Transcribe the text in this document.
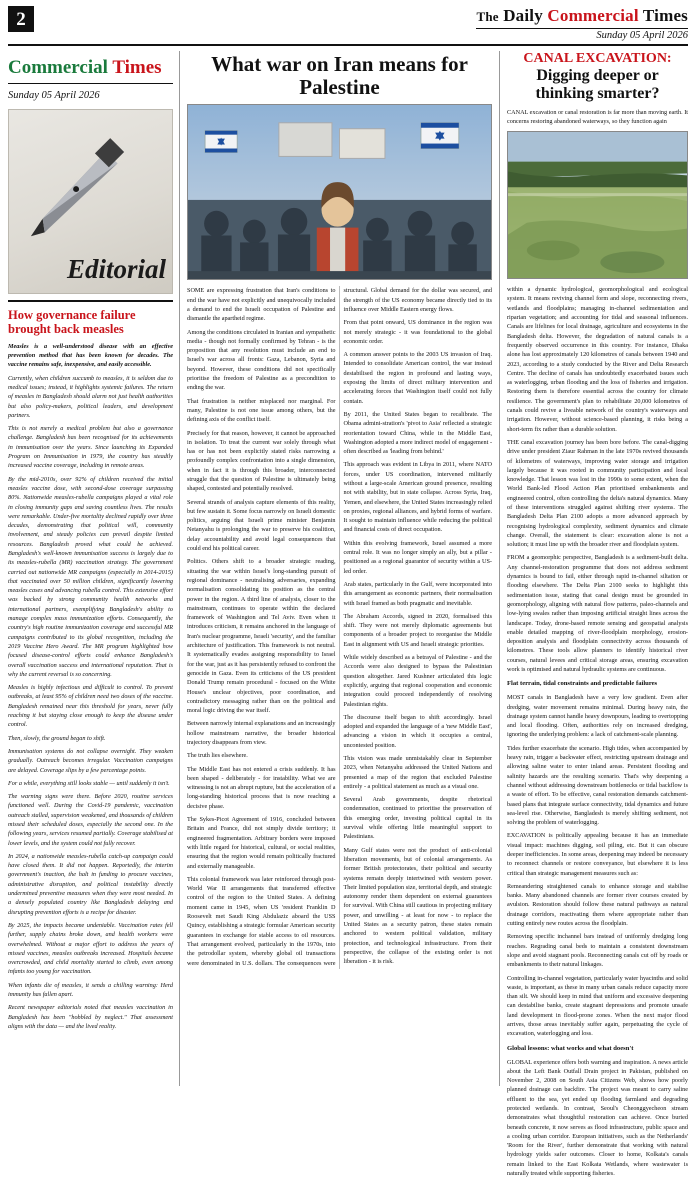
2	The Daily Commercial Times
Sunday 05 April 2026
Commercial Times
Sunday 05 April 2026
Editorial
How governance failure brought back measles

Measles is a well-understood disease with an effective prevention method that has been known for decades. The vaccine remains safe, inexpensive, and easily accessible.

Currently, when children succumb to measles, it is seldom due to medical issues; instead, it highlights systemic failures. The return of measles in Bangladesh should alarm not just health authorities but also policy-makers, political leaders, and development partners.

This is not merely a medical problem but also a governance challenge. Bangladesh has been recognised for its achievements in immunisation over the years. Since launching its Expanded Program on Immunisation in 1979, the country has steadily increased vaccine coverage, including in remote areas.

By the mid-2010s, over 92% of children received the initial measles vaccine dose, with second-dose coverage surpassing 80%. Nationwide measles-rubella campaigns played a vital role in closing immunity gaps and saving countless lives. The results were remarkable. Under-five mortality declined rapidly over three decades, demonstrating that political will, community involvement, and steady policies can prevail despite limited resources. Bangladesh proved what could be achieved. Bangladesh's well-known immunisation success is largely due to its measles-rubella (MR) vaccination strategy. The government carried out nationwide MR campaigns (especially in 2014-2015) that vaccinated over 50 million children, significantly lowering measles cases and advancing rubella control. This extensive effort was backed by strong community health networks and international partners, exemplifying Bangladesh's ability to manage complex mass immunization efforts. Consequently, the country's high routine immunization coverage and successful MR campaigns contributed to its global recognition, including the 2019 Vaccine Hero Award. The MR program highlighted how focused disease-control efforts could enhance Bangladesh's overall vaccination success and international reputation. That is why the current reversal is so concerning.

Measles is highly infectious and difficult to control. To prevent outbreaks, at least 95% of children need two doses of the vaccine. Bangladesh remained near this threshold for years, never fully reaching it but staying close enough to keep the disease under control.

Then, slowly, the ground began to shift.

Immunisation systems do not collapse overnight. They weaken gradually. Outreach becomes irregular. Vaccination campaigns are delayed. Coverage slips by a few percentage points.

For a while, everything still looks stable — until suddenly it isn't.

The warning signs were there. Before 2020, routine services functioned well. During the Covid-19 pandemic, vaccination outreach stalled, supervision weakened, and thousands of children missed their scheduled doses, especially the second one. In the following years, services resumed partially. Coverage stabilised at lower levels, and the system could not fully recover.

In 2024, a nationwide measles-rubella catch-up campaign could have closed them. It did not happen. Reportedly, the interim government's inaction, the halt in funding to procure vaccines, administrative disruption, and political instability directly undermined preventive measures when they were most needed. In a densely populated country like Bangladesh delaying and disrupting prevention efforts is a recipe for disaster.

By 2025, the impacts became undeniable. Vaccination rates fell further, supply chains broke down, and health workers were overwhelmed. Without a major effort to address the years of missed vaccines, measles outbreaks increased. Hospitals became overcrowded, and child mortality started to climb, even among infants too young for vaccination.

When infants die of measles, it sends a chilling warning: Herd immunity has fallen apart.

Recent newspaper editorials noted that measles vaccination in Bangladesh has been "hobbled by neglect." That assessment aligns with the data — and the lived reality.

What war on Iran means for Palestine

SOME are expressing frustration that Iran's conditions to end the war have not explicitly and unequivocally included a demand to end the Israeli occupation of Palestine and dismantle the apartheid regime.

Among the conditions circulated in Iranian and sympathetic media - though not formally confirmed by Tehran - is the proposition that any resolution must include an end to Israel's war across all fronts: Gaza, Lebanon, Syria and beyond. However, these conditions did not specifically prioritise the freedom of Palestine as a precondition to ending the war.

That frustration is neither misplaced nor marginal. For many, Palestine is not one issue among others, but the defining axis of the conflict itself.

Precisely for that reason, however, it cannot be approached in isolation. To treat the current war solely through what has or has not been explicitly stated risks narrowing a profoundly complex confrontation into a single dimension, when in fact it is through this broader, interconnected struggle that the question of Palestine is ultimately being shaped, contested and potentially resolved.

Several strands of analysis capture elements of this reality, but few sustain it. Some focus narrowly on Israeli domestic politics, arguing that Israeli prime minister Benjamin Netanyahu is prolonging the war to preserve his coalition, delay accountability and avoid legal consequences that could end his political career.

Politics. Others shift to a broader strategic reading, situating the war within Israel's long-standing pursuit of regional dominance - neutralising adversaries, expanding normalisation consolidating its position as the central power in the region. A third line of analysis, closer to the mainstream, continues to operate within the declared framework of Washington and Tel Aviv. Even when it introduces criticism, it remains anchored in the language of Iran's nuclear programme, Israeli 'security', and the familiar architecture of justification. This framework is not neutral. It systematically evades assigning responsibility to Israel for the war, just as it has persistently refused to confront the genocide in Gaza. Even its criticisms of the US president Donald Trump remain procedural - focused on the White House's unclear objectives, poor coordination, and contradictory messaging rather than on the political and moral logic driving the war itself.

Between narrowly internal explanations and an increasingly hollow mainstream narrative, the broader historical trajectory disappears from view.

The truth lies elsewhere.

The Middle East has not entered a crisis suddenly. It has been shaped - deliberately - for instability. What we are witnessing is not an abrupt rupture, but the acceleration of a long-standing historical process that is now reaching a decisive phase.

The Sykes-Picot Agreement of 1916, concluded between Britain and France, did not simply divide territory; it engineered fragmentation. Arbitrary borders were imposed with little regard for historical, cultural, or social realities, ensuring that the region would remain politically fractured and externally manageable.

This colonial framework was later reinforced through post-World War II arrangements that transferred effective control of the region to the United States. A defining moment came in 1945, when US 'resident Franklin D Roosevelt met Saudi King Abdulaziz aboard the USS Quincy, establishing a strategic formular American security guarantees in exchange for stable access to oil resources. That arrangement evolved, particularly in the 1970s, into the petrodollar system, whereby global oil transactions were denominated in U.S. dollars. The consequences were structural. Global demand for the dollar was secured, and the strength of the US economy became directly tied to its influence over Middle Eastern energy flows.

From that point onward, US dominance in the region was not merely strategic - it was foundational to the global economic order.

A common answer points to the 2003 US invasion of Iraq. Intended to consolidate American control, the war instead destabilised the region in profound and lasting ways, exposing the limits of direct military intervention and accelerating forces that Washington itself could not fully contain.

By 2011, the United States began to recalibrate. The Obama admini-stration's 'pivot to Asia' reflected a strategic reorientation toward China, while in the Middle East, Washington adopted a more indirect model of engagement - often described as 'leading from behind.'

This approach was evident in Libya in 2011, where NATO forces, under US coordination, intervened militarily without a large-scale American ground presence, resulting not with stability, but in state collapse. Across Syria, Iraq, Yemen, and elsewhere, the United States increasingly relied on proxies, regional alliances, and hybrid forms of warfare. It sought to maintain influence while reducing the political and financial costs of direct occupation.

Within this evolving framework, Israel assumed a more central role. It was no longer simply an ally, but a pillar - positioned as a regional guarantor of security within a US-led order.

Arab states, particularly in the Gulf, were incorporated into this arrangement as economic partners, their normalisation with Israel framed as both pragmatic and inevitable.

The Abraham Accords, signed in 2020, formalised this shift. They were not merely diplomatic agreements but components of a broader project to reorganise the Middle East in alignment with US and Israeli strategic priorities.

While widely described as a betrayal of Palestine - and the Accords were also designed to bypass the Palestinian question altogether. Jared Kushner articulated this logic explicitly, arguing that regional cooperation and economic integration could proceed independently of resolving Palestinian rights.

The discourse itself began to shift accordingly. Israel adopted and expanded the language of a 'new Middle East', advancing a vision in which it occupies a central, uncontested position.

This vision was made unmistakably clear in September 2023, when Netanyahu addressed the United Nations and presented a map of the region that excluded Palestine entirely - a political statement as much as a visual one.

Several Arab governments, despite rhetorical condemnation, continued to prioritise the preservation of this emerging order, investing political capital in its survival while offering little meaningful support to Palestinians.

Many Gulf states were not the product of anti-colonial liberation movements, but of colonial arrangements. As former British protectorates, their political and security systems remain deeply intertwined with western power. Their limited population size, territorial depth, and strategic autonomy render them dependent on external guarantees for survival. With China still cautious in projecting military power, and unwilling - at least for now - to replace the United States as a security patron, these states remain anchored to western political validation, military protection, and technological infrastructure. From their perspective, the collapse of the existing order is not liberation - it is risk.

CANAL EXCAVATION:
Digging deeper or thinking smarter?
CANAL excavation or canal restoration is far more than moving earth. It concerns restoring abandoned waterways, so they function again

within a dynamic hydrological, geomorphological and ecological system. It means reviving channel form and slope, reconnecting rivers, wetlands and floodplains; managing in-channel sedimentation and riparian vegetation; and accounting for tidal and seasonal influences. Canals are lifelines for local drainage, agriculture and ecosystems in the Bangladesh delta. However, the degradation of natural canals is a frequently observed occurrence in this country. For instance, Dhaka alone has lost approximately 120 kilometres of canals between 1940 and 2023, according to a study conducted by the River and Delta Research Centre. The decline of canals has undoubtedly exacerbated issues such as waterlogging, urban flooding and the loss of fisheries and irrigation. Restoring them is therefore essential across the country for climate resilience. The government's plan to rehabilitate 20,000 kilometres of canals could revive a liveable network of the country's waterways and irrigation. However, without science-based planning, it risks being a short-term fix rather than a durable solution.

THE canal excavation journey has been bore before. The canal-digging drive under president Ziaur Rahman in the late 1970s revived thousands of kilometres of waterways, improving water storage and irrigation largely because it was rooted in community participation and local knowledge. That lesson was lost in the 1990s to some extent, when the World Bank-led Flood Action Plan prioritised embankments and engineered control, often controlling the delta's natural dynamics. Many of these interventions struggled against shifting river systems. The Bangladesh Delta Plan 2100 adopts a more advanced approach by recognising hydrological complexity, sediment dynamics and climate change. Overall, the statement is clear: excavation alone is not a solution; it must line up with the broader river and floodplain system.

FROM a geomorphic perspective, Bangladesh is a sediment-built delta. Any channel-restoration programme that does not address sediment dynamics is bound to fail, either through rapid in-channel siltation or flooding elsewhere. The Delta Plan 2100 seeks to highlight this sedimentation issue, stating that canal design must be grounded in geomorphology, aligning with natural flow patterns, paleo-channels and low-lying swales rather than imposing artificial straight lines across the landscape. Today, drone-based remote sensing and geospatial analysis enable detailed mapping of river-floodplain morphology, erosion-deposition analysis and floodplain connectivity across thousands of kilometres. These tools allow planners to identify historical river courses, natural levees and critical storage areas, ensuring excavation work is optimised and natural hydraulic systems are continuous.

Flat terrain, tidal constraints and predictable failures

MOST canals in Bangladesh have a very low gradient. Even after dredging, water movement remains minimal. During heavy rain, the drainage system cannot handle heavy downpours, leading to overtopping and local flooding. Often, authorities rely on increased dredging, ignoring the underlying problem: a lack of catchment-scale planning.

Tides further exacerbate the scenario. High tides, when accompanied by heavy rain, trigger a backwater effect, restricting upstream drainage and allowing saline water to enter inland areas. Persistent flooding and salinity hazards are the resulting scenario. That's why deepening a channel without addressing downstream bottlenecks or tidal backflow is a waste of effort. To be effective, canal restoration demands catchment-based plans that integrate surface connectivity, tidal dynamics and future sea-level rise. Otherwise, Bangladesh is merely shifting sediment, not solving the problem of waterlogging.

EXCAVATION is politically appealing because it has an immediate visual impact: machines digging, soil piling, etc. But it can obscure deeper inefficiencies. In some areas, deepening may indeed be necessary to reconnect channels or restore conveyance, but elsewhere it is less critical than strategic management measures such as:

Remeandering straightened canals to enhance storage and stabilise banks. Many abandoned channels are former river courses created by avulsion. Restoration should follow these natural pathways as natural drainage corridors, reactivating them where appropriate rather than cutting entirely new routes across the floodplain.

Removing specific inchannel bars instead of uniformly dredging long reaches. Regrading canal beds to maintain a consistent downstream slope and avoid stagnant pools. Reconnecting canals cut off by roads or embankments to their natural linkages.

Controlling in-channel vegetation, particularly water hyacinths and solid waste, is important, as these in many urban canals reduce capacity more than silt. We should keep in mind that uniform and excessive deepening can destabilise banks, create stagnant depressions and promote unsafe land development in flood-prone zones. When the next major flood arrives, those areas inevitably suffer again, perpetuating the cycle of excavation, waterlogging and loss.

Global lessons: what works and what doesn't

GLOBAL experience offers both warning and inspiration. A news article about the Left Bank Outfall Drain project in Pakistan, published on November 2, 2008 on South Asia Citizens Web, shows how poorly planned drainage can backfire. The project was meant to carry saline effluent to the sea, yet ended up flooding farmland and degrading protected wetlands. In contrast, Seoul's Cheonggyecheon stream demonstrates what thoughtful restoration can achieve. Once buried beneath concrete, it now serves as flood infrastructure, public space and a cooling urban corridor. European initiatives, such as the Netherlands' 'Room for the River', further demonstrate that working with natural hydrology yields safer outcomes. Closer to home, Kolkata's canals remain linked to the East Kolkata Wetlands, where wastewater is naturally treated while supporting fisheries.
